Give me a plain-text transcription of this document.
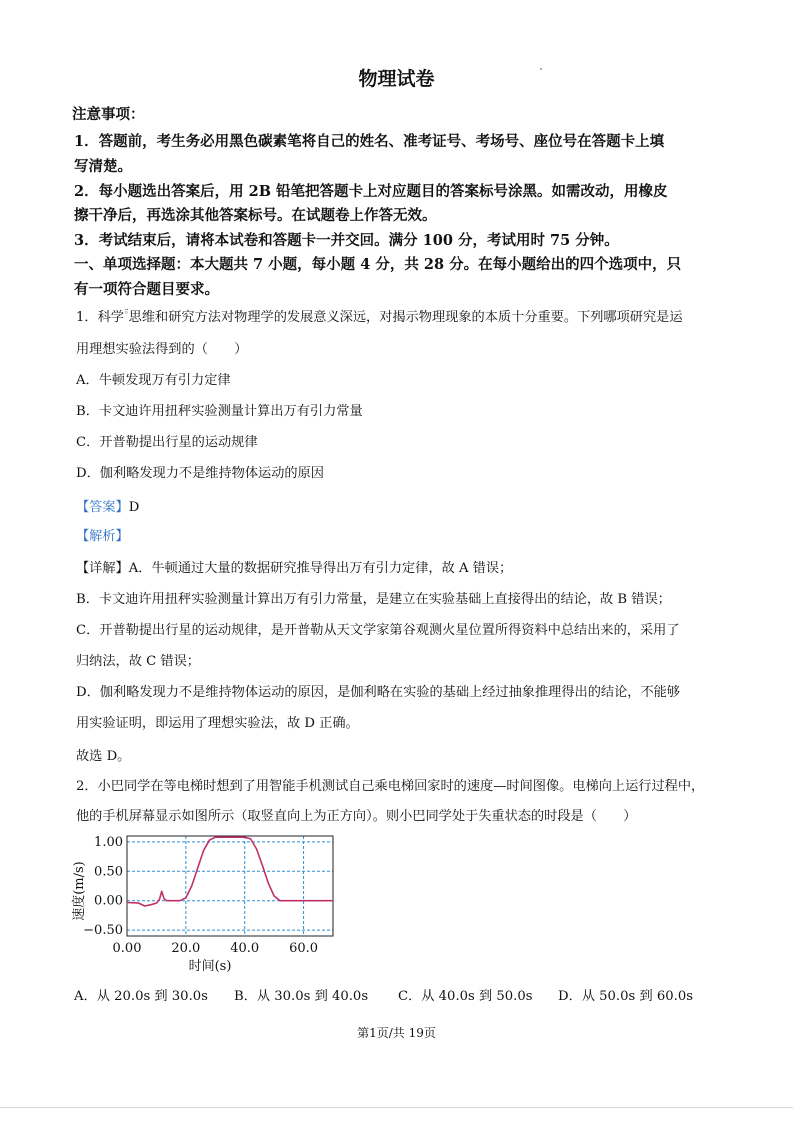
物理试卷
注意事项：
1．答题前，考生务必用黑色碳素笔将自己的姓名、准考证号、考场号、座位号在答题卡上填
写清楚。
2．每小题选出答案后，用 2B 铅笔把答题卡上对应题目的答案标号涂黑。如需改动，用橡皮
擦干净后，再选涂其他答案标号。在试题卷上作答无效。
3．考试结束后，请将本试卷和答题卡一并交回。满分 100 分，考试用时 75 分钟。
一、单项选择题：本大题共 7 小题，每小题 4 分，共 28 分。在每小题给出的四个选项中，只
有一项符合题目要求。
1．科学◦̈思维和研究方法对物理学的发展意义深远，对揭示物理现象的本质十分重要。下列哪项研究是运
用理想实验法得到的（　　）
A．牛顿发现万有引力定律
B．卡文迪许用扭秤实验测量计算出万有引力常量
C．开普勒提出行星的运动规律
D．伽利略发现力不是维持物体运动的原因
【答案】D
【解析】
【详解】A．牛顿通过大量的数据研究推导得出万有引力定律，故 A 错误；
B．卡文迪许用扭秤实验测量计算出万有引力常量，是建立在实验基础上直接得出的结论，故 B 错误；
C．开普勒提出行星的运动规律，是开普勒从天文学家第谷观测火星位置所得资料中总结出来的，采用了
归纳法，故 C 错误；
D．伽利略发现力不是维持物体运动的原因，是伽利略在实验的基础上经过抽象推理得出的结论，不能够
用实验证明，即运用了理想实验法，故 D 正确。
故选 D。
2．小巴同学在等电梯时想到了用智能手机测试自己乘电梯回家时的速度—时间图像。电梯向上运行过程中，
他的手机屏幕显示如图所示（取竖直向上为正方向）。则小巴同学处于失重状态的时段是（　　）
1.00
0.50
0.00
−0.50
0.00 20.0 40.0 60.0
时间(s)
速度(m/s)
A．从 20.0s 到 30.0s B．从 30.0s 到 40.0s C．从 40.0s 到 50.0s D．从 50.0s 到 60.0s
第1页/共 19页
